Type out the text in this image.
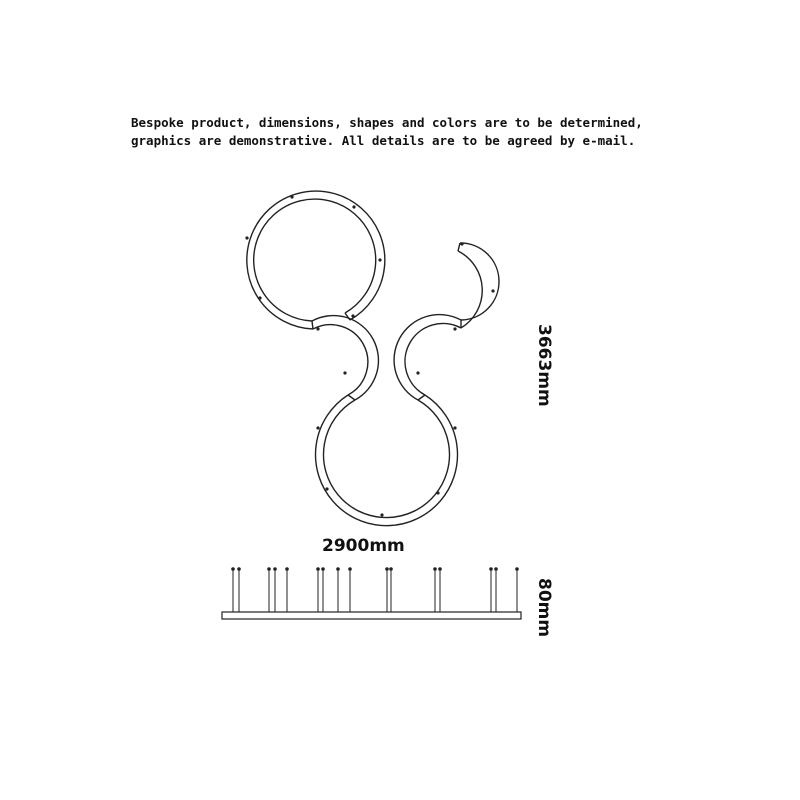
Bespoke product, dimensions, shapes and colors are to be determined,
graphics are demonstrative. All details are to be agreed by e-mail.
2900mm
3663mm
80mm
